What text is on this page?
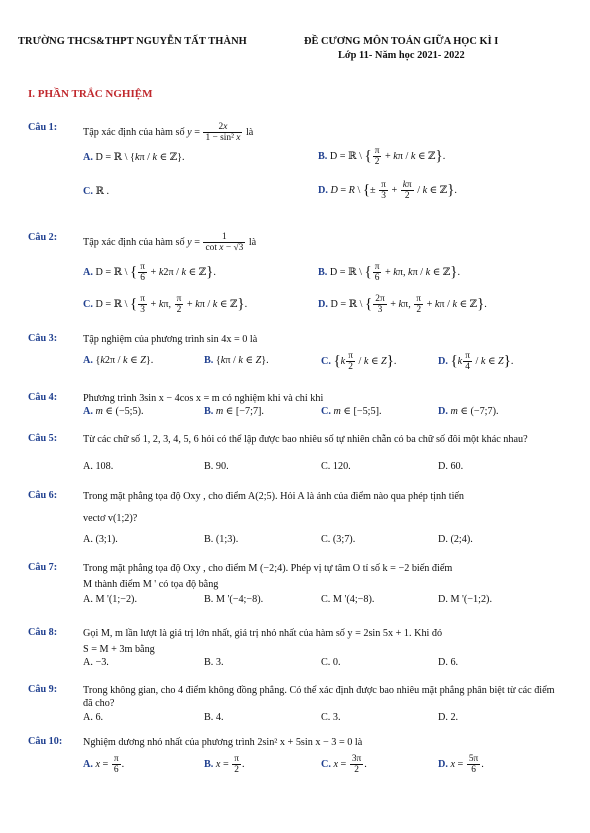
TRƯỜNG THCS&THPT NGUYỄN TẤT THÀNH	ĐỀ CƯƠNG MÔN TOÁN GIỮA HỌC KÌ I
Lớp 11- Năm học 2021- 2022
I. PHẦN TRẮC NGHIỆM
Câu 1:	Tập xác định của hàm số $y = \frac{2x}{\text{1 − sin² x}}$ là
A. D = ℝ \ {kπ / k ∈ ℤ}.	B. D = ℝ \ { $\frac{\pi}{2} + k\pi / k$ ∈ ℤ}.
C. ℝ .	D. D = R \ {± $\frac{\pi}{3} + \frac{k\pi}{2} / k$ ∈ ℤ}.
Câu 2:	Tập xác định của hàm số $y = \frac{1}{\text{cot x − √3}}$ là
A. D = ℝ \ { $\frac{\pi}{6} + k2\pi / k$ ∈ ℤ}.	B. D = ℝ \ { $\frac{\pi}{6} + k\pi$, kπ / k ∈ ℤ}.
C. D = ℝ \ { $\frac{\pi}{3} + k\pi$, $\frac{\pi}{2} + k\pi / k$ ∈ ℤ}.	D. D = ℝ \ { $\frac{2\pi}{3} + k\pi$, $\frac{\pi}{2} + k\pi / k$ ∈ ℤ}.
Câu 3:	Tập nghiệm của phương trình sin 4x = 0 là
A. {k2π / k ∈ Z}.	B. {kπ / k ∈ Z}.	C. {$k \frac{\pi}{2}$ / k ∈ Z}.	D. {$k \frac{\pi}{4}$ / k ∈ Z}.
Câu 4:	Phương trình 3sin x − 4cos x = m có nghiệm khi và chỉ khi
A. m ∈ (−5;5).	B. m ∈ [−7;7].	C. m ∈ [−5;5].	D. m ∈ (−7;7).
Câu 5:	Từ các chữ số 1, 2, 3, 4, 5, 6 hỏi có thể lập được bao nhiêu số tự nhiên chẵn có ba chữ số đôi một khác nhau?
A. 108.	B. 90.	C. 120.	D. 60.
Câu 6:	Trong mặt phẳng tọa độ Oxy , cho điểm A(2;5). Hỏi A là ảnh của điểm nào qua phép tịnh tiến
vectơ v(1;2)?
A. (3;1).	B. (1;3).	C. (3;7).	D. (2;4).
Câu 7:	Trong mặt phẳng tọa độ Oxy , cho điểm M (−2;4). Phép vị tự tâm O tỉ số k = −2 biến điểm
M thành điểm M ' có tọa độ bằng
A. M '(1;−2).	B. M '(−4;−8).	C. M '(4;−8).	D. M '(−1;2).
Câu 8:	Gọi M, m lần lượt là giá trị lớn nhất, giá trị nhỏ nhất của hàm số y = 2sin 5x + 1. Khi đó
S = M + 3m bằng
A. −3.	B. 3.	C. 0.	D. 6.
Câu 9:	Trong không gian, cho 4 điểm không đồng phẳng. Có thể xác định được bao nhiêu mặt phẳng phân biệt từ các điểm đã cho?
A. 6.	B. 4.	C. 3.	D. 2.
Câu 10: Nghiệm dương nhỏ nhất của phương trình 2sin² x + 5sin x − 3 = 0 là
A. $x = \frac{\pi}{6}$ .	B. $x = \frac{\pi}{2}$ .	C. $x = \frac{3\pi}{2}$ .	D. $x = \frac{5\pi}{6}$ .
